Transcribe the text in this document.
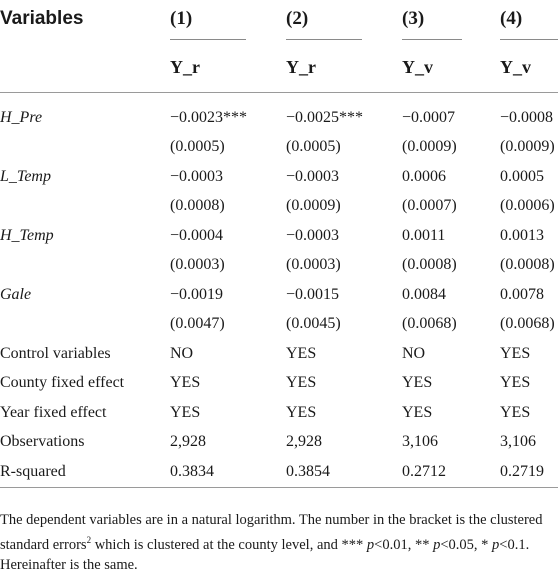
Variables	(1)	(2)	(3)	(4)

	Y_r	Y_r	Y_v	Y_v

H_Pre	−0.0023***	−0.0025***	−0.0007	−0.0008
	(0.0005)	(0.0005)	(0.0009)	(0.0009)
L_Temp	−0.0003	−0.0003	0.0006	0.0005
	(0.0008)	(0.0009)	(0.0007)	(0.0006)
H_Temp	−0.0004	−0.0003	0.0011	0.0013
	(0.0003)	(0.0003)	(0.0008)	(0.0008)
Gale	−0.0019	−0.0015	0.0084	0.0078
	(0.0047)	(0.0045)	(0.0068)	(0.0068)
Control variables	NO	YES	NO	YES
County fixed effect	YES	YES	YES	YES
Year fixed effect	YES	YES	YES	YES
Observations	2,928	2,928	3,106	3,106
R-squared	0.3834	0.3854	0.2712	0.2719
The dependent variables are in a natural logarithm. The number in the bracket is the clustered standard errors$^2$ which is clustered at the county level, and *** p<0.01, ** p<0.05, * p<0.1. Hereinafter is the same.
